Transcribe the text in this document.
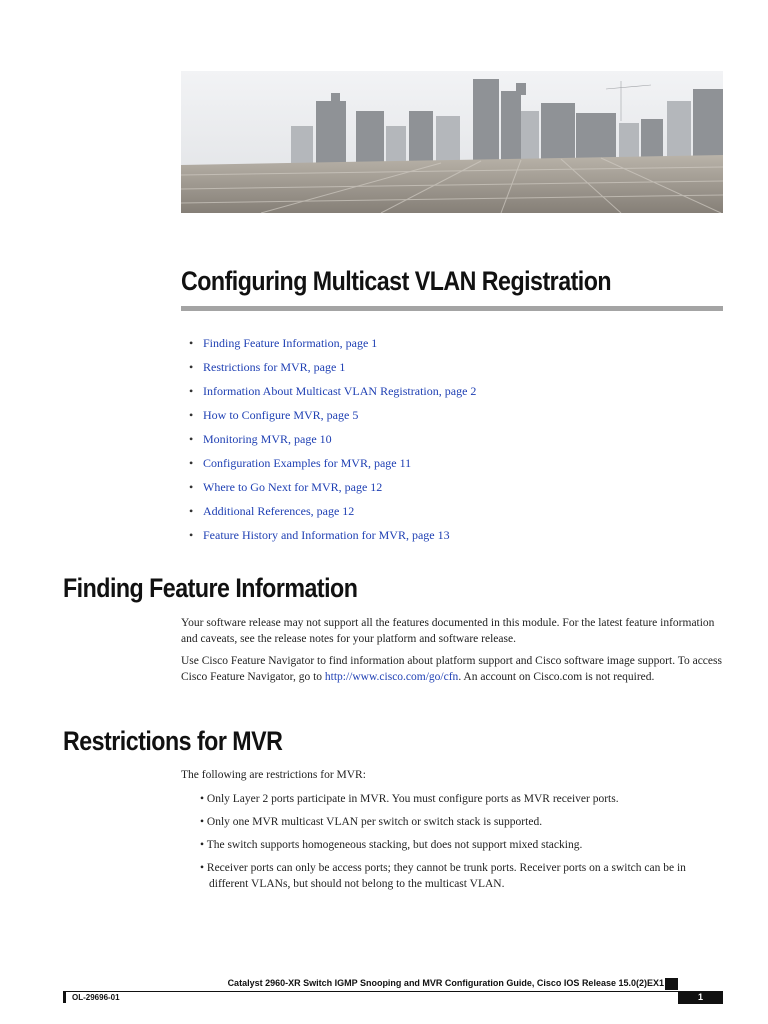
Configuring Multicast VLAN Registration
• Finding Feature Information, page 1
• Restrictions for MVR, page 1
• Information About Multicast VLAN Registration, page 2
• How to Configure MVR, page 5
• Monitoring MVR, page 10
• Configuration Examples for MVR, page 11
• Where to Go Next for MVR, page 12
• Additional References, page 12
• Feature History and Information for MVR, page 13
Finding Feature Information

Your software release may not support all the features documented in this module. For the latest feature information and caveats, see the release notes for your platform and software release.

Use Cisco Feature Navigator to find information about platform support and Cisco software image support. To access Cisco Feature Navigator, go to http://www.cisco.com/go/cfn. An account on Cisco.com is not required.

Restrictions for MVR

The following are restrictions for MVR:

• Only Layer 2 ports participate in MVR. You must configure ports as MVR receiver ports.
• Only one MVR multicast VLAN per switch or switch stack is supported.
• The switch supports homogeneous stacking, but does not support mixed stacking.
• Receiver ports can only be access ports; they cannot be trunk ports. Receiver ports on a switch can be in different VLANs, but should not belong to the multicast VLAN.

Catalyst 2960-XR Switch IGMP Snooping and MVR Configuration Guide, Cisco IOS Release 15.0(2)EX1

OL-29696-01	1
